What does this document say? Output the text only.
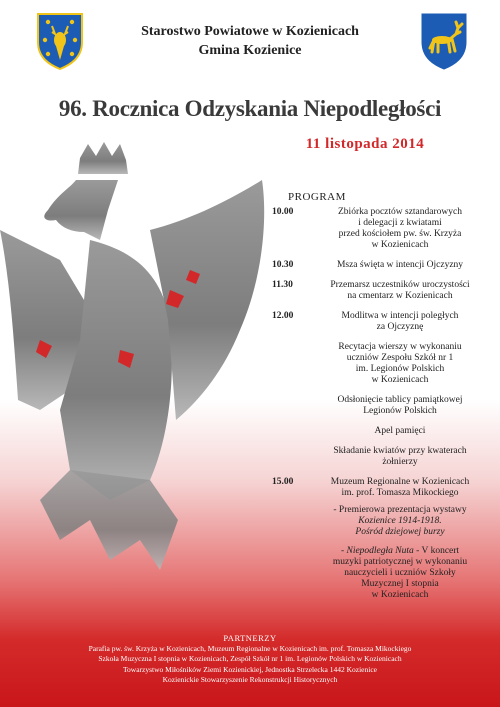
Starostwo Powiatowe w Kozienicach
Gmina Kozienice
96. Rocznica Odzyskania Niepodległości
11 listopada 2014
PROGRAM
10.00	Zbiórka pocztów sztandarowych
i delegacji z kwiatami
przed kościołem pw. św. Krzyża
w Kozienicach
10.30	Msza święta w intencji Ojczyzny
11.30	Przemarsz uczestników uroczystości
na cmentarz w Kozienicach
12.00	Modlitwa w intencji poległych
za Ojczyznę
Recytacja wierszy w wykonaniu
uczniów Zespołu Szkół nr 1
im. Legionów Polskich
w Kozienicach
Odsłonięcie tablicy pamiątkowej
Legionów Polskich
Apel pamięci
Składanie kwiatów przy kwaterach
żołnierzy
15.00	Muzeum Regionalne w Kozienicach
im. prof. Tomasza Mikockiego
- Premierowa prezentacja wystawy
Kozienice 1914-1918.
Pośród dziejowej burzy
- Niepodległa Nuta - V koncert
muzyki patriotycznej w wykonaniu
nauczycieli i uczniów Szkoły
Muzycznej I stopnia
w Kozienicach
PARTNERZY
Parafia pw. św. Krzyża w Kozienicach, Muzeum Regionalne w Kozienicach im. prof. Tomasza Mikockiego
Szkoła Muzyczna I stopnia w Kozienicach, Zespół Szkół nr 1 im. Legionów Polskich w Kozienicach
Towarzystwo Miłośników Ziemi Kozienickiej, Jednostka Strzelecka 1442 Kozienice
Kozienickie Stowarzyszenie Rekonstrukcji Historycznych
